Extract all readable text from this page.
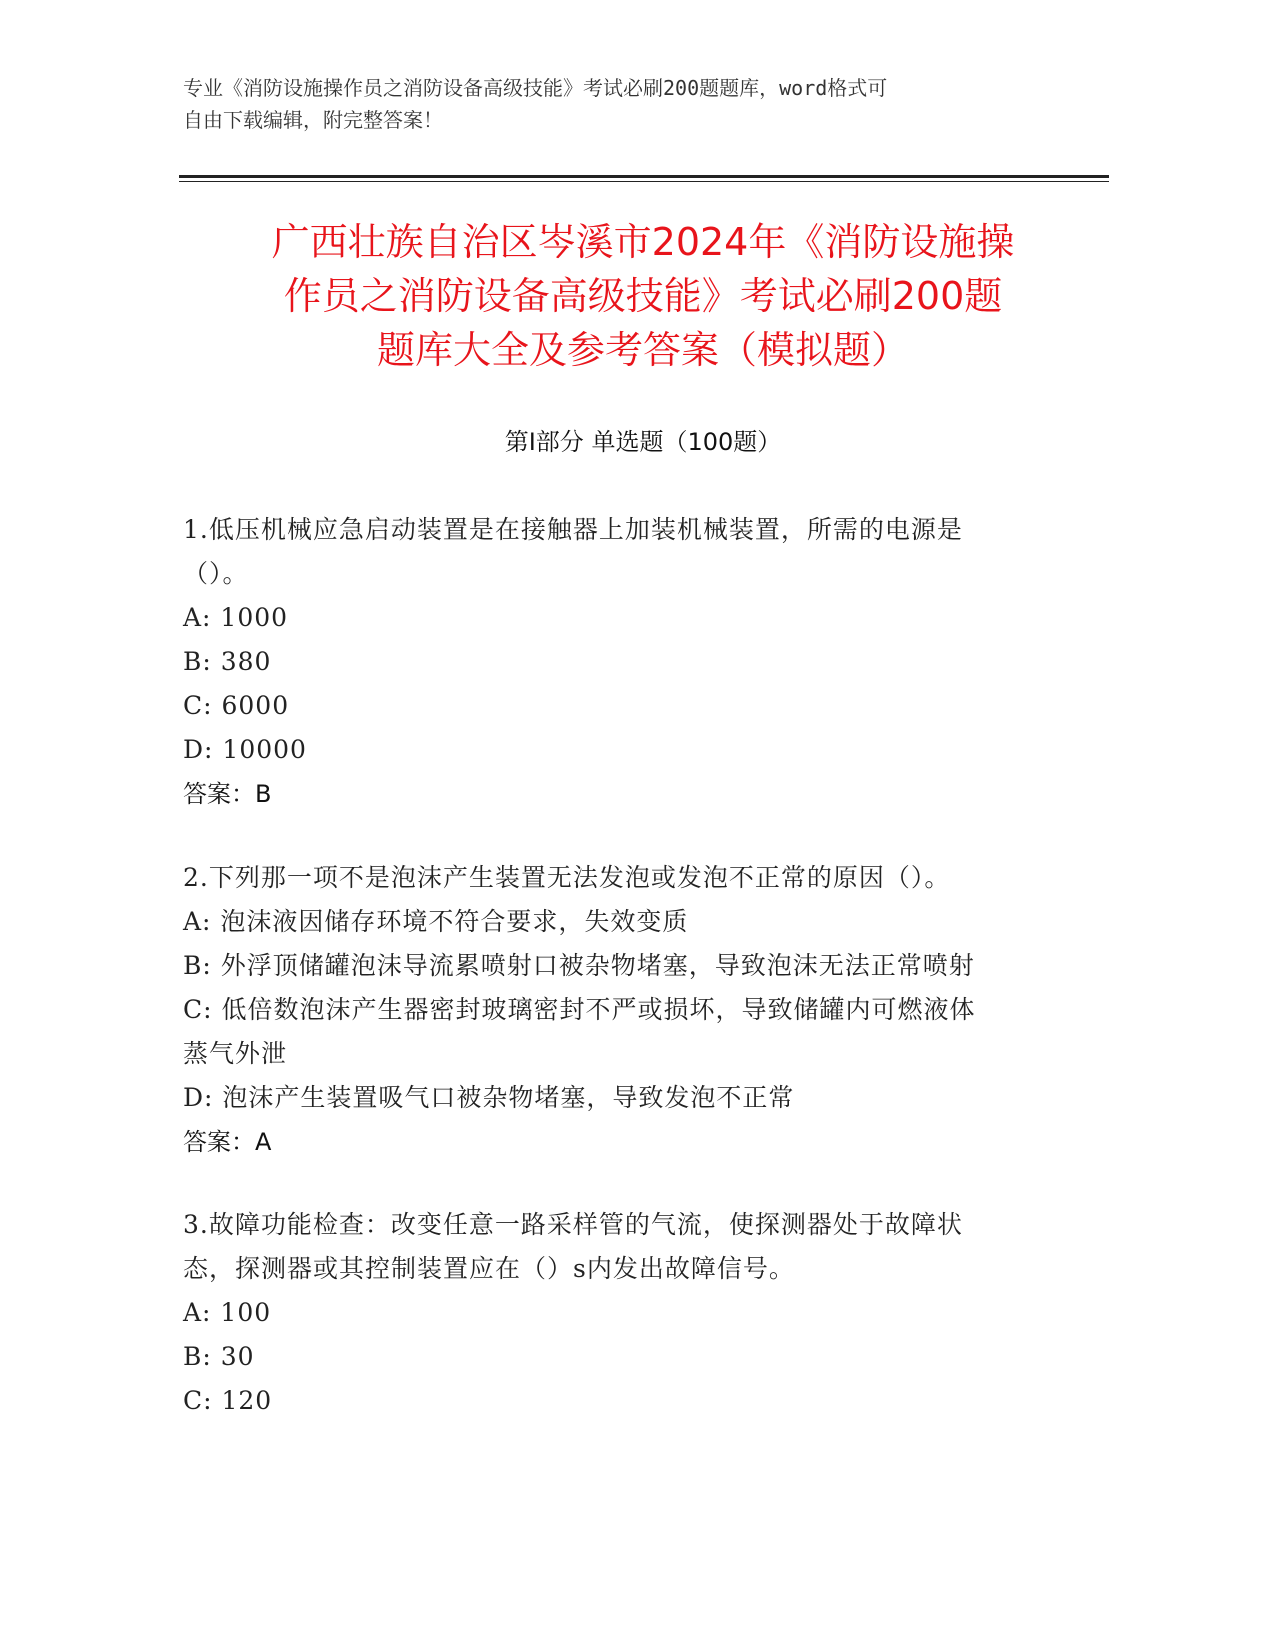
专业《消防设施操作员之消防设备高级技能》考试必刷200题题库，word格式可
自由下载编辑，附完整答案！
广西壮族自治区岑溪市2024年《消防设施操
作员之消防设备高级技能》考试必刷200题
题库大全及参考答案（模拟题）
第I部分 单选题（100题）

1.低压机械应急启动装置是在接触器上加装机械装置，所需的电源是

（）。

A: 1000

B: 380

C: 6000

D: 10000

答案：B

2.下列那一项不是泡沫产生装置无法发泡或发泡不正常的原因（）。

A: 泡沫液因储存环境不符合要求，失效变质

B: 外浮顶储罐泡沫导流累喷射口被杂物堵塞，导致泡沫无法正常喷射

C: 低倍数泡沫产生器密封玻璃密封不严或损坏，导致储罐内可燃液体

蒸气外泄

D: 泡沫产生装置吸气口被杂物堵塞，导致发泡不正常

答案：A

3.故障功能检查：改变任意一路采样管的气流，使探测器处于故障状

态，探测器或其控制装置应在（）s内发出故障信号。

A: 100

B: 30

C: 120
